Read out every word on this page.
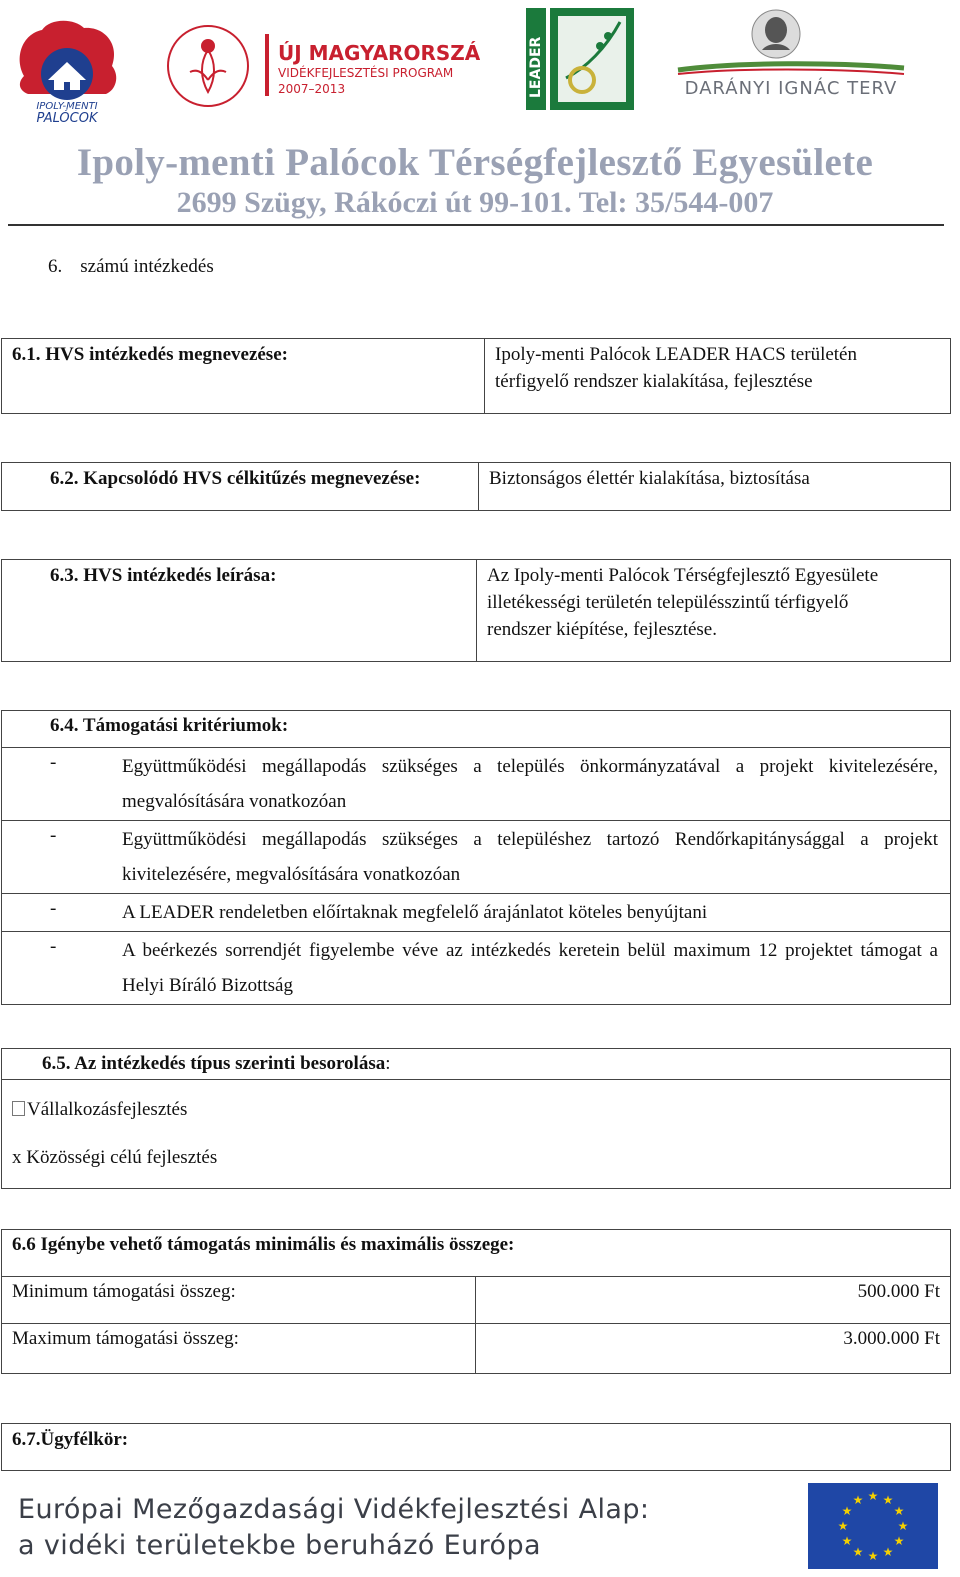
IPOLY-MENTI
PALÓCOK
ÚJ MAGYARORSZÁG
VIDÉKFEJLESZTÉSI PROGRAM
2007–2013	LEADER	DARÁNYI IGNÁC TERV
Ipoly-menti Palócok Térségfejlesztő Egyesülete
2699 Szügy, Rákóczi út 99-101. Tel: 35/544-007
6. számú intézkedés
6.1. HVS intézkedés megnevezése:	Ipoly-menti Palócok LEADER HACS területén
térfigyelő rendszer kialakítása, fejlesztése
6.2. Kapcsolódó HVS célkitűzés megnevezése:	Biztonságos élettér kialakítása, biztosítása
6.3. HVS intézkedés leírása:	Az Ipoly-menti Palócok Térségfejlesztő Egyesülete
illetékességi területén településszintű térfigyelő
rendszer kiépítése, fejlesztése.
6.4. Támogatási kritériumok:	
-	Együttműködési megállapodás szükséges a település önkormányzatával a projekt kivitelezésére, megvalósítására vonatkozóan
-	Együttműködési megállapodás szükséges a településhez tartozó Rendőrkapitánysággal a projekt kivitelezésére, megvalósítására vonatkozóan
-	A LEADER rendeletben előírtaknak megfelelő árajánlatot köteles benyújtani
-	A beérkezés sorrendjét figyelembe véve az intézkedés keretein belül maximum 12 projektet támogat a Helyi Bíráló Bizottság
6.5. Az intézkedés típus szerinti besorolása:

Vállalkozásfejlesztés
x Közösségi célú fejlesztés
6.6 Igénybe vehető támogatás minimális és maximális összege:	
Minimum támogatási összeg:	500.000 Ft
Maximum támogatási összeg:	3.000.000 Ft
6.7.Ügyfélkör:
Európai Mezőgazdasági Vidékfejlesztési Alap:
a vidéki területekbe beruházó Európa
★ ★
★
★
★
★
★
★
★
★
★
★
